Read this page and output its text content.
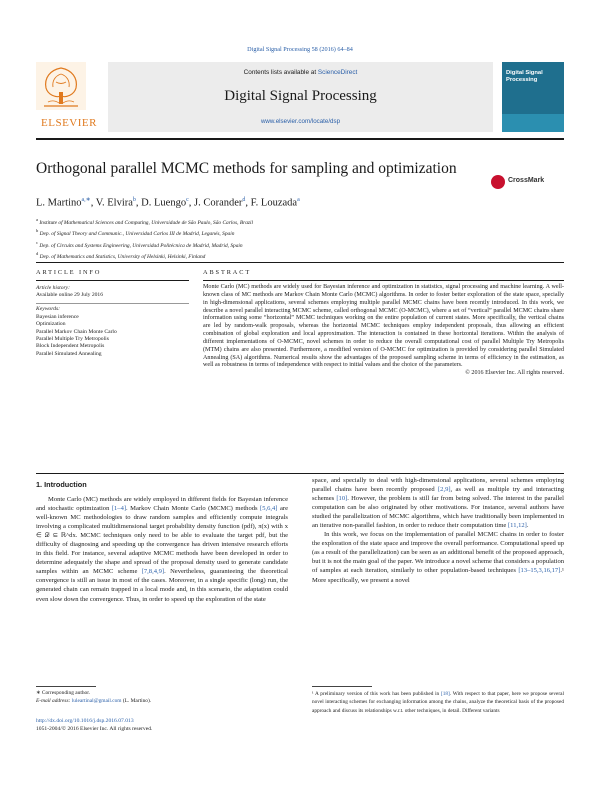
Digital Signal Processing 58 (2016) 64–84
ELSEVIER
Contents lists available at ScienceDirect
Digital Signal Processing
www.elsevier.com/locate/dsp
Digital Signal Processing
Orthogonal parallel MCMC methods for sampling and optimization
CrossMark
L. Martino$^{a,∗}$, V. Elvira$^b$, D. Luengo$^c$, J. Corander$^d$, F. Louzada$^a$
$^a$ Institute of Mathematical Sciences and Computing, Universidade de São Paulo, São Carlos, Brazil
$^b$ Dep. of Signal Theory and Communic., Universidad Carlos III de Madrid, Leganés, Spain
$^c$ Dep. of Circuits and Systems Engineering, Universidad Politécnica de Madrid, Madrid, Spain
$^d$ Dep. of Mathematics and Statistics, University of Helsinki, Helsinki, Finland
ARTICLE INFO	ABSTRACT
Article history:
Available online 29 July 2016
Keywords:
Bayesian inference
Optimization
Parallel Markov Chain Monte Carlo
Parallel Multiple Try Metropolis
Block Independent Metropolis
Parallel Simulated Annealing
Monte Carlo (MC) methods are widely used for Bayesian inference and optimization in statistics, signal processing and machine learning. A well-known class of MC methods are Markov Chain Monte Carlo (MCMC) algorithms. In order to foster better exploration of the state space, specially in high-dimensional applications, several schemes employing multiple parallel MCMC chains have been recently introduced. In this work, we describe a novel parallel interacting MCMC scheme, called orthogonal MCMC (O-MCMC), where a set of “vertical” parallel MCMC chains share information using some “horizontal” MCMC techniques working on the entire population of current states. More specifically, the vertical chains are led by random-walk proposals, whereas the horizontal MCMC techniques employ independent proposals, thus allowing an efficient combination of global exploration and local approximation. The interaction is contained in these horizontal iterations. Within the analysis of different implementations of O-MCMC, novel schemes in order to reduce the overall computational cost of parallel Multiple Try Metropolis (MTM) chains are also presented. Furthermore, a modified version of O-MCMC for optimization is provided by considering parallel Simulated Annealing (SA) algorithms. Numerical results show the advantages of the proposed sampling scheme in terms of efficiency in the estimation, as well as robustness in terms of independence with respect to initial values and the choice of the parameters.
© 2016 Elsevier Inc. All rights reserved.
1. Introduction

Monte Carlo (MC) methods are widely employed in different fields for Bayesian inference and stochastic optimization [1–4]. Markov Chain Monte Carlo (MCMC) methods [5,6,4] are well-known MC methodologies to draw random samples and efficiently compute integrals involving a complicated multidimensional target probability density function (pdf), π(x) with x ∈ 𝒟 ⊆ ℝ^dx. MCMC techniques only need to be able to evaluate the target pdf, but the difficulty of diagnosing and speeding up the convergence has driven intensive research efforts in this field. For instance, several adaptive MCMC methods have been developed in order to determine adequately the shape and spread of the proposal density used to generate candidate samples within an MCMC scheme [7,8,4,9]. Nevertheless, guaranteeing the theoretical convergence is still an issue in most of the cases. Moreover, in a single specific (long) run, the generated chain can remain trapped in a local mode and, in this scenario, the adaptation could even slow down the convergence. Thus, in order to speed up the exploration of the state

space, and specially to deal with high-dimensional applications, several schemes employing parallel chains have been recently proposed [2,9], as well as multiple try and interacting schemes [10]. However, the problem is still far from being solved. The interest in the parallel computation can be also originated by other motivations. For instance, several authors have studied the parallelization of MCMC algorithms, which have traditionally been implemented in an iterative non-parallel fashion, in order to reduce their computation time [11,12].

In this work, we focus on the implementation of parallel MCMC chains in order to foster the exploration of the state space and improve the overall performance. Computational speed up (as a result of the parallelization) can be seen as an additional benefit of the proposed approach, but it is not the main goal of the paper. We introduce a novel scheme that considers a population of samples at each iteration, similarly to other population-based techniques [13–15,3,16,17].¹ More specifically, we present a novel

∗ Corresponding author.
E-mail address: luleartinal@gmail.com (L. Martino).
¹ A preliminary version of this work has been published in [18]. With respect to that paper, here we propose several novel interacting schemes for exchanging information among the chains, analyze the theoretical basis of the proposed approach and discuss its relationships w.r.t. other techniques, in detail. Different variants
http://dx.doi.org/10.1016/j.dsp.2016.07.013
1051-2004/© 2016 Elsevier Inc. All rights reserved.
